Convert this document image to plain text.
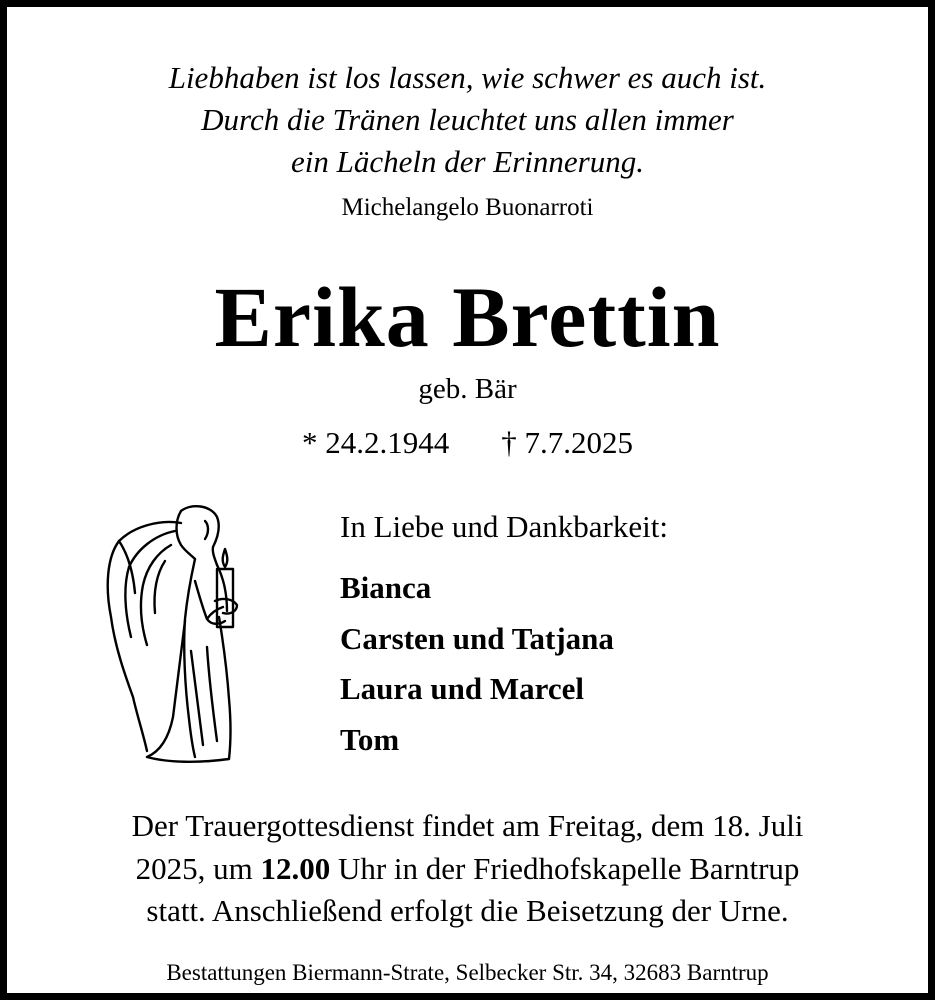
Liebhaben ist los lassen, wie schwer es auch ist.
Durch die Tränen leuchtet uns allen immer
ein Lächeln der Erinnerung.
Michelangelo Buonarroti
Erika Brettin
geb. Bär
* 24.2.1944 † 7.7.2025
In Liebe und Dankbarkeit:
Bianca
Carsten und Tatjana
Laura und Marcel
Tom
Der Trauergottesdienst findet am Freitag, dem 18. Juli
2025, um 12.00 Uhr in der Friedhofskapelle Barntrup
statt. Anschließend erfolgt die Beisetzung der Urne.
Bestattungen Biermann-Strate, Selbecker Str. 34, 32683 Barntrup
